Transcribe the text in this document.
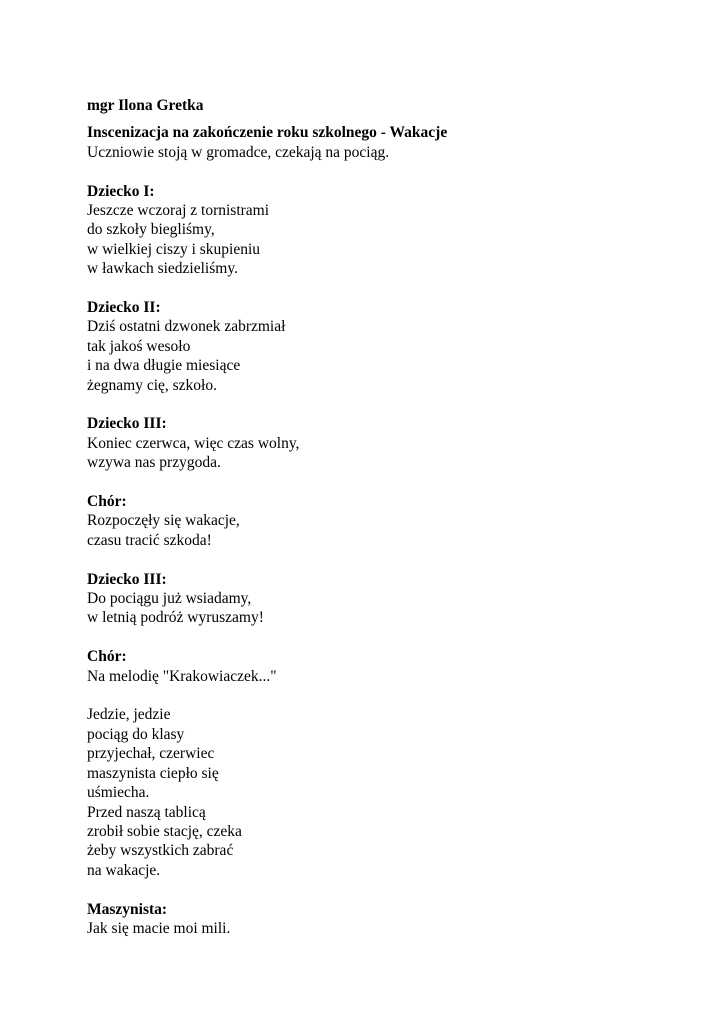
mgr Ilona Gretka
Inscenizacja na zakończenie roku szkolnego - Wakacje
Uczniowie stoją w gromadce, czekają na pociąg.
Dziecko I:
Jeszcze wczoraj z tornistrami
do szkoły biegliśmy,
w wielkiej ciszy i skupieniu
w ławkach siedzieliśmy.
Dziecko II:
Dziś ostatni dzwonek zabrzmiał
tak jakoś wesoło
i na dwa długie miesiące
żegnamy cię, szkoło.
Dziecko III:
Koniec czerwca, więc czas wolny,
wzywa nas przygoda.
Chór:
Rozpoczęły się wakacje,
czasu tracić szkoda!
Dziecko III:
Do pociągu już wsiadamy,
w letnią podróż wyruszamy!
Chór:
Na melodię "Krakowiaczek..."
Jedzie, jedzie
pociąg do klasy
przyjechał, czerwiec
maszynista ciepło się
uśmiecha.
Przed naszą tablicą
zrobił sobie stację, czeka
żeby wszystkich zabrać
na wakacje.
Maszynista:
Jak się macie moi mili.
